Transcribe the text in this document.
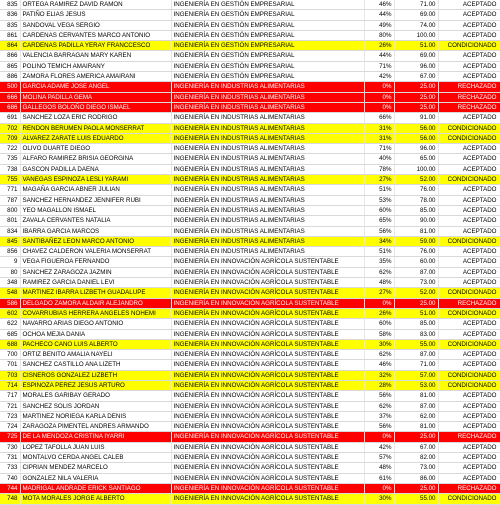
835	ORTEGA RAMIREZ DAVID RAMON	INGENIERÍA EN GESTIÓN EMPRESARIAL	46%	71.00	ACEPTADO
836	PATIÑO ELIAS JESUS	INGENIERÍA EN GESTIÓN EMPRESARIAL	44%	69.00	ACEPTADO
835	SANDOVAL VEGA SERGIO	INGENIERÍA EN GESTIÓN EMPRESARIAL	49%	74.00	ACEPTADO
861	CARDENAS CERVANTES MARCO ANTONIO	INGENIERÍA EN GESTIÓN EMPRESARIAL	80%	100.00	ACEPTADO
864	CARDENAS PADILLA YERAY FRANCCESCO	INGENIERÍA EN GESTIÓN EMPRESARIAL	26%	51.00	CONDICIONADO
866	VALENCIA BARRAGAN MARY KAREN	INGENIERÍA EN GESTIÓN EMPRESARIAL	44%	69.00	ACEPTADO
865	POLINO TEMICH AMAIRANY	INGENIERÍA EN GESTIÓN EMPRESARIAL	71%	96.00	ACEPTADO
886	ZAMORA FLORES AMERICA AMAIRANI	INGENIERÍA EN GESTIÓN EMPRESARIAL	42%	67.00	ACEPTADO
500	GARCIA ADAME JOSE ANGEL	INGENIERÍA EN INDUSTRIAS ALIMENTARIAS	0%	25.00	RECHAZADO
666	MOLINA PADILLA GEMA	INGENIERÍA EN INDUSTRIAS ALIMENTARIAS	0%	25.00	RECHAZADO
686	GALLEGOS BOLOÑO DIEGO ISMAEL	INGENIERÍA EN INDUSTRIAS ALIMENTARIAS	0%	25.00	RECHAZADO
691	SANCHEZ LOZA ERIC RODRIGO	INGENIERÍA EN INDUSTRIAS ALIMENTARIAS	66%	91.00	ACEPTADO
702	RENDON BERUMEN PAOLA MONSERRAT	INGENIERÍA EN INDUSTRIAS ALIMENTARIAS	31%	56.00	CONDICIONADO
709	ALVAREZ ZARATE LUIS EDUARDO	INGENIERÍA EN INDUSTRIAS ALIMENTARIAS	31%	56.00	CONDICIONADO
722	OLIVO DUARTE DIEGO	INGENIERÍA EN INDUSTRIAS ALIMENTARIAS	71%	96.00	ACEPTADO
735	ALFARO RAMIREZ BRISIA GEORGINA	INGENIERÍA EN INDUSTRIAS ALIMENTARIAS	40%	65.00	ACEPTADO
738	GASCON PADILLA DAENA	INGENIERÍA EN INDUSTRIAS ALIMENTARIAS	78%	100.00	ACEPTADO
755	VANEGAS ESPINOZA LESLI YARAMI	INGENIERÍA EN INDUSTRIAS ALIMENTARIAS	27%	52.00	CONDICIONADO
771	MAGAÑA GARCIA ABNER JULIAN	INGENIERÍA EN INDUSTRIAS ALIMENTARIAS	51%	76.00	ACEPTADO
787	SANCHEZ HERNANDEZ JENNIFER RUBI	INGENIERÍA EN INDUSTRIAS ALIMENTARIAS	53%	78.00	ACEPTADO
800	YEO MAGALLON ISMAEL	INGENIERÍA EN INDUSTRIAS ALIMENTARIAS	60%	85.00	ACEPTADO
801	ZAVALA CERVANTES NATALIA	INGENIERÍA EN INDUSTRIAS ALIMENTARIAS	65%	90.00	ACEPTADO
834	IBARRA GARCIA MARCOS	INGENIERÍA EN INDUSTRIAS ALIMENTARIAS	56%	81.00	ACEPTADO
845	SANTIBAÑEZ LEON MARCO ANTONIO	INGENIERÍA EN INDUSTRIAS ALIMENTARIAS	34%	59.00	CONDICIONADO
856	CHAVEZ CALDERON VALERIA MONSERRAT	INGENIERÍA EN INDUSTRIAS ALIMENTARIAS	51%	76.00	ACEPTADO
9	VEGA FIGUEROA FERNANDO	INGENIERÍA EN INNOVACIÓN AGRÍCOLA SUSTENTABLE	35%	60.00	ACEPTADO
80	SANCHEZ ZARAGOZA JAZMIN	INGENIERÍA EN INNOVACIÓN AGRÍCOLA SUSTENTABLE	62%	87.00	ACEPTADO
348	RAMIREZ GARCIA DANIEL LEVI	INGENIERÍA EN INNOVACIÓN AGRÍCOLA SUSTENTABLE	48%	73.00	ACEPTADO
548	MARTINEZ IBARRA LIZBETH GUADALUPE	INGENIERÍA EN INNOVACIÓN AGRÍCOLA SUSTENTABLE	27%	52.00	CONDICIONADO
586	DELGADO ZAMORA ALDAIR ALEJANDRO	INGENIERÍA EN INNOVACIÓN AGRÍCOLA SUSTENTABLE	0%	25.00	RECHAZADO
602	COVARRUBIAS HERRERA ANGELES NOHEMI	INGENIERÍA EN INNOVACIÓN AGRÍCOLA SUSTENTABLE	26%	51.00	CONDICIONADO
622	NAVARRO ARIAS DIEGO ANTONIO	INGENIERÍA EN INNOVACIÓN AGRÍCOLA SUSTENTABLE	60%	85.00	ACEPTADO
685	OCHOA MEJIA DANIA	INGENIERÍA EN INNOVACIÓN AGRÍCOLA SUSTENTABLE	58%	83.00	ACEPTADO
688	PACHECO CANO LUIS ALBERTO	INGENIERÍA EN INNOVACIÓN AGRÍCOLA SUSTENTABLE	30%	55.00	CONDICIONADO
700	ORTIZ BENITO AMALIA NAYELI	INGENIERÍA EN INNOVACIÓN AGRÍCOLA SUSTENTABLE	62%	87.00	ACEPTADO
701	SANCHEZ CASTILLO ANA LIZETH	INGENIERÍA EN INNOVACIÓN AGRÍCOLA SUSTENTABLE	46%	71.00	ACEPTADO
703	CISNEROS GONZALEZ LIZBETH	INGENIERÍA EN INNOVACIÓN AGRÍCOLA SUSTENTABLE	32%	57.00	CONDICIONADO
714	ESPINOZA PEREZ JESUS ARTURO	INGENIERÍA EN INNOVACIÓN AGRÍCOLA SUSTENTABLE	28%	53.00	CONDICIONADO
717	MORALES GARIBAY GERADO	INGENIERÍA EN INNOVACIÓN AGRÍCOLA SUSTENTABLE	56%	81.00	ACEPTADO
721	SANCHEZ SOLIS JORDAN	INGENIERÍA EN INNOVACIÓN AGRÍCOLA SUSTENTABLE	62%	87.00	ACEPTADO
723	MARTINEZ NORIEGA KARLA DENIS	INGENIERÍA EN INNOVACIÓN AGRÍCOLA SUSTENTABLE	37%	62.00	ACEPTADO
724	ZARAGOZA PIMENTEL ANDRES ARMANDO	INGENIERÍA EN INNOVACIÓN AGRÍCOLA SUSTENTABLE	56%	81.00	ACEPTADO
725	DE LA MENDOZA CRISTINA IYARRI	INGENIERÍA EN INNOVACIÓN AGRÍCOLA SUSTENTABLE	0%	25.00	RECHAZADO
730	LOPEZ TAFOLLA JUAN LUIS	INGENIERÍA EN INNOVACIÓN AGRÍCOLA SUSTENTABLE	42%	67.00	ACEPTADO
731	MONTALVO CERDA ANGEL CALEB	INGENIERÍA EN INNOVACIÓN AGRÍCOLA SUSTENTABLE	57%	82.00	ACEPTADO
733	CIPRIAN MENDEZ MARCELO	INGENIERÍA EN INNOVACIÓN AGRÍCOLA SUSTENTABLE	48%	73.00	ACEPTADO
740	GONZALEZ NILA VALERIA	INGENIERÍA EN INNOVACIÓN AGRÍCOLA SUSTENTABLE	61%	86.00	ACEPTADO
744	MADRIGAL ANDRADE ERICK SANTIAGO	INGENIERÍA EN INNOVACIÓN AGRÍCOLA SUSTENTABLE	0%	25.00	RECHAZADO
748	MOTA MORALES JORGE ALBERTO	INGENIERÍA EN INNOVACIÓN AGRÍCOLA SUSTENTABLE	30%	55.00	CONDICIONADO
